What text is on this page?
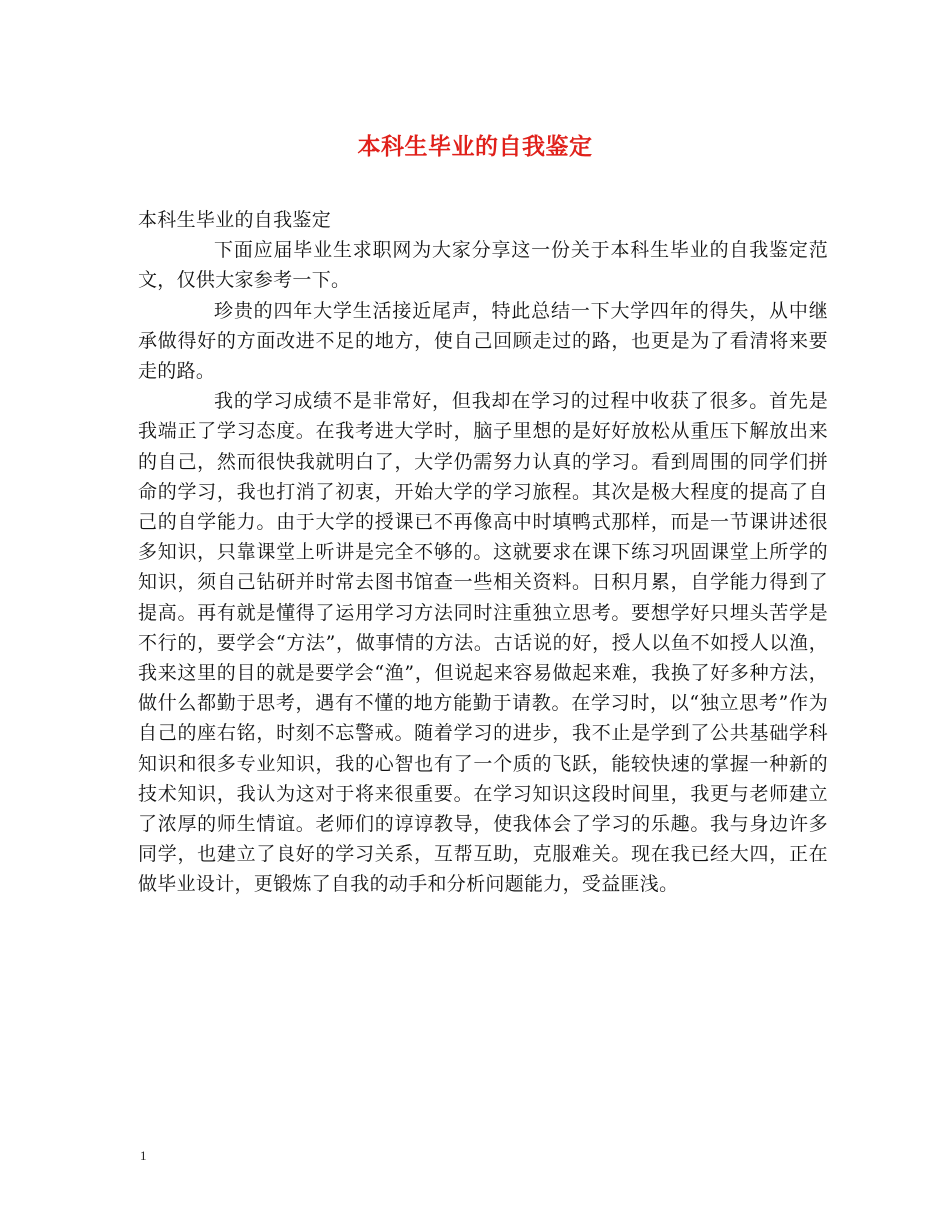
本科生毕业的自我鉴定

本科生毕业的自我鉴定

下面应届毕业生求职网为大家分享这一份关于本科生毕业的自我鉴定范文，仅供大家参考一下。

珍贵的四年大学生活接近尾声，特此总结一下大学四年的得失，从中继承做得好的方面改进不足的地方，使自己回顾走过的路，也更是为了看清将来要走的路。

我的学习成绩不是非常好，但我却在学习的过程中收获了很多。首先是我端正了学习态度。在我考进大学时，脑子里想的是好好放松从重压下解放出来的自己，然而很快我就明白了，大学仍需努力认真的学习。看到周围的同学们拼命的学习，我也打消了初衷，开始大学的学习旅程。其次是极大程度的提高了自己的自学能力。由于大学的授课已不再像高中时填鸭式那样，而是一节课讲述很多知识，只靠课堂上听讲是完全不够的。这就要求在课下练习巩固课堂上所学的知识，须自己钻研并时常去图书馆查一些相关资料。日积月累，自学能力得到了提高。再有就是懂得了运用学习方法同时注重独立思考。要想学好只埋头苦学是不行的，要学会“方法”，做事情的方法。古话说的好，授人以鱼不如授人以渔，我来这里的目的就是要学会“渔”，但说起来容易做起来难，我换了好多种方法，做什么都勤于思考，遇有不懂的地方能勤于请教。在学习时，以“独立思考”作为自己的座右铭，时刻不忘警戒。随着学习的进步，我不止是学到了公共基础学科知识和很多专业知识，我的心智也有了一个质的飞跃，能较快速的掌握一种新的技术知识，我认为这对于将来很重要。在学习知识这段时间里，我更与老师建立了浓厚的师生情谊。老师们的谆谆教导，使我体会了学习的乐趣。我与身边许多同学，也建立了良好的学习关系，互帮互助，克服难关。现在我已经大四，正在做毕业设计，更锻炼了自我的动手和分析问题能力，受益匪浅。

1
